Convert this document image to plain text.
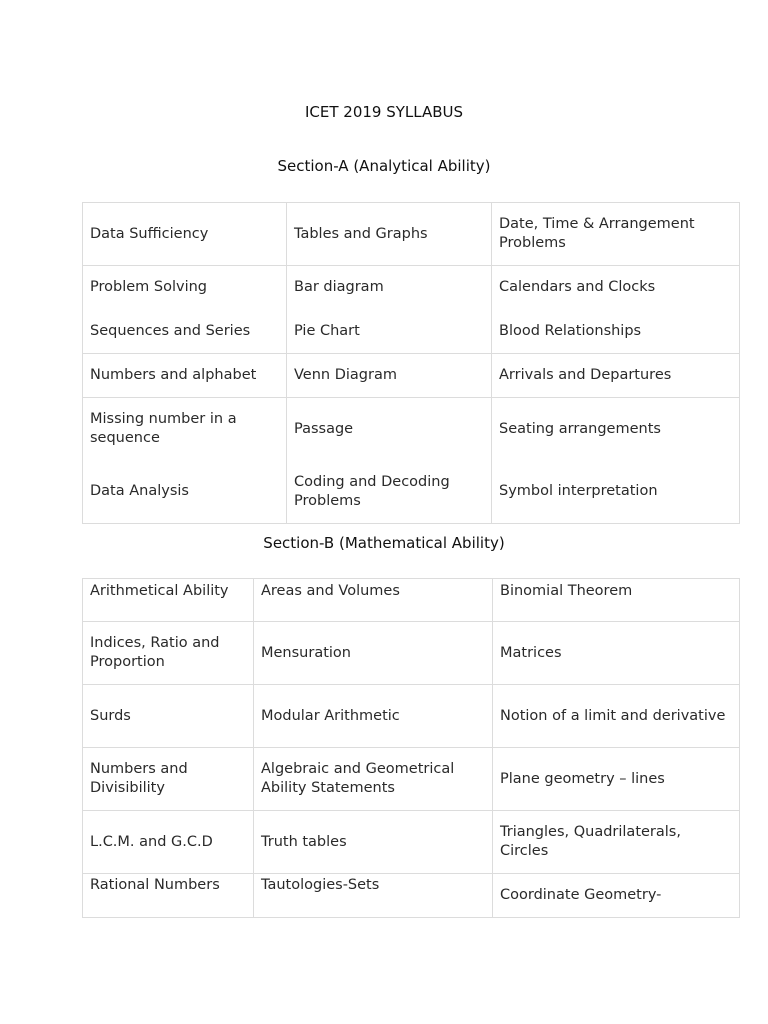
ICET 2019 SYLLABUS
Section-A (Analytical Ability)
Data Sufficiency	Tables and Graphs	Date, Time & Arrangement Problems
Problem Solving	Bar diagram	Calendars and Clocks
Sequences and Series	Pie Chart	Blood Relationships
Numbers and alphabet	Venn Diagram	Arrivals and Departures
Missing number in a sequence	Passage	Seating arrangements
Data Analysis	Coding and Decoding Problems	Symbol interpretation
Section-B (Mathematical Ability)
Arithmetical Ability	Areas and Volumes	Binomial Theorem
Indices, Ratio and Proportion	Mensuration	Matrices
Surds	Modular Arithmetic	Notion of a limit and derivative
Numbers and Divisibility	Algebraic and Geometrical Ability Statements	Plane geometry – lines
L.C.M. and G.C.D	Truth tables	Triangles, Quadrilaterals, Circles
Rational Numbers	Tautologies-Sets	Coordinate Geometry-
